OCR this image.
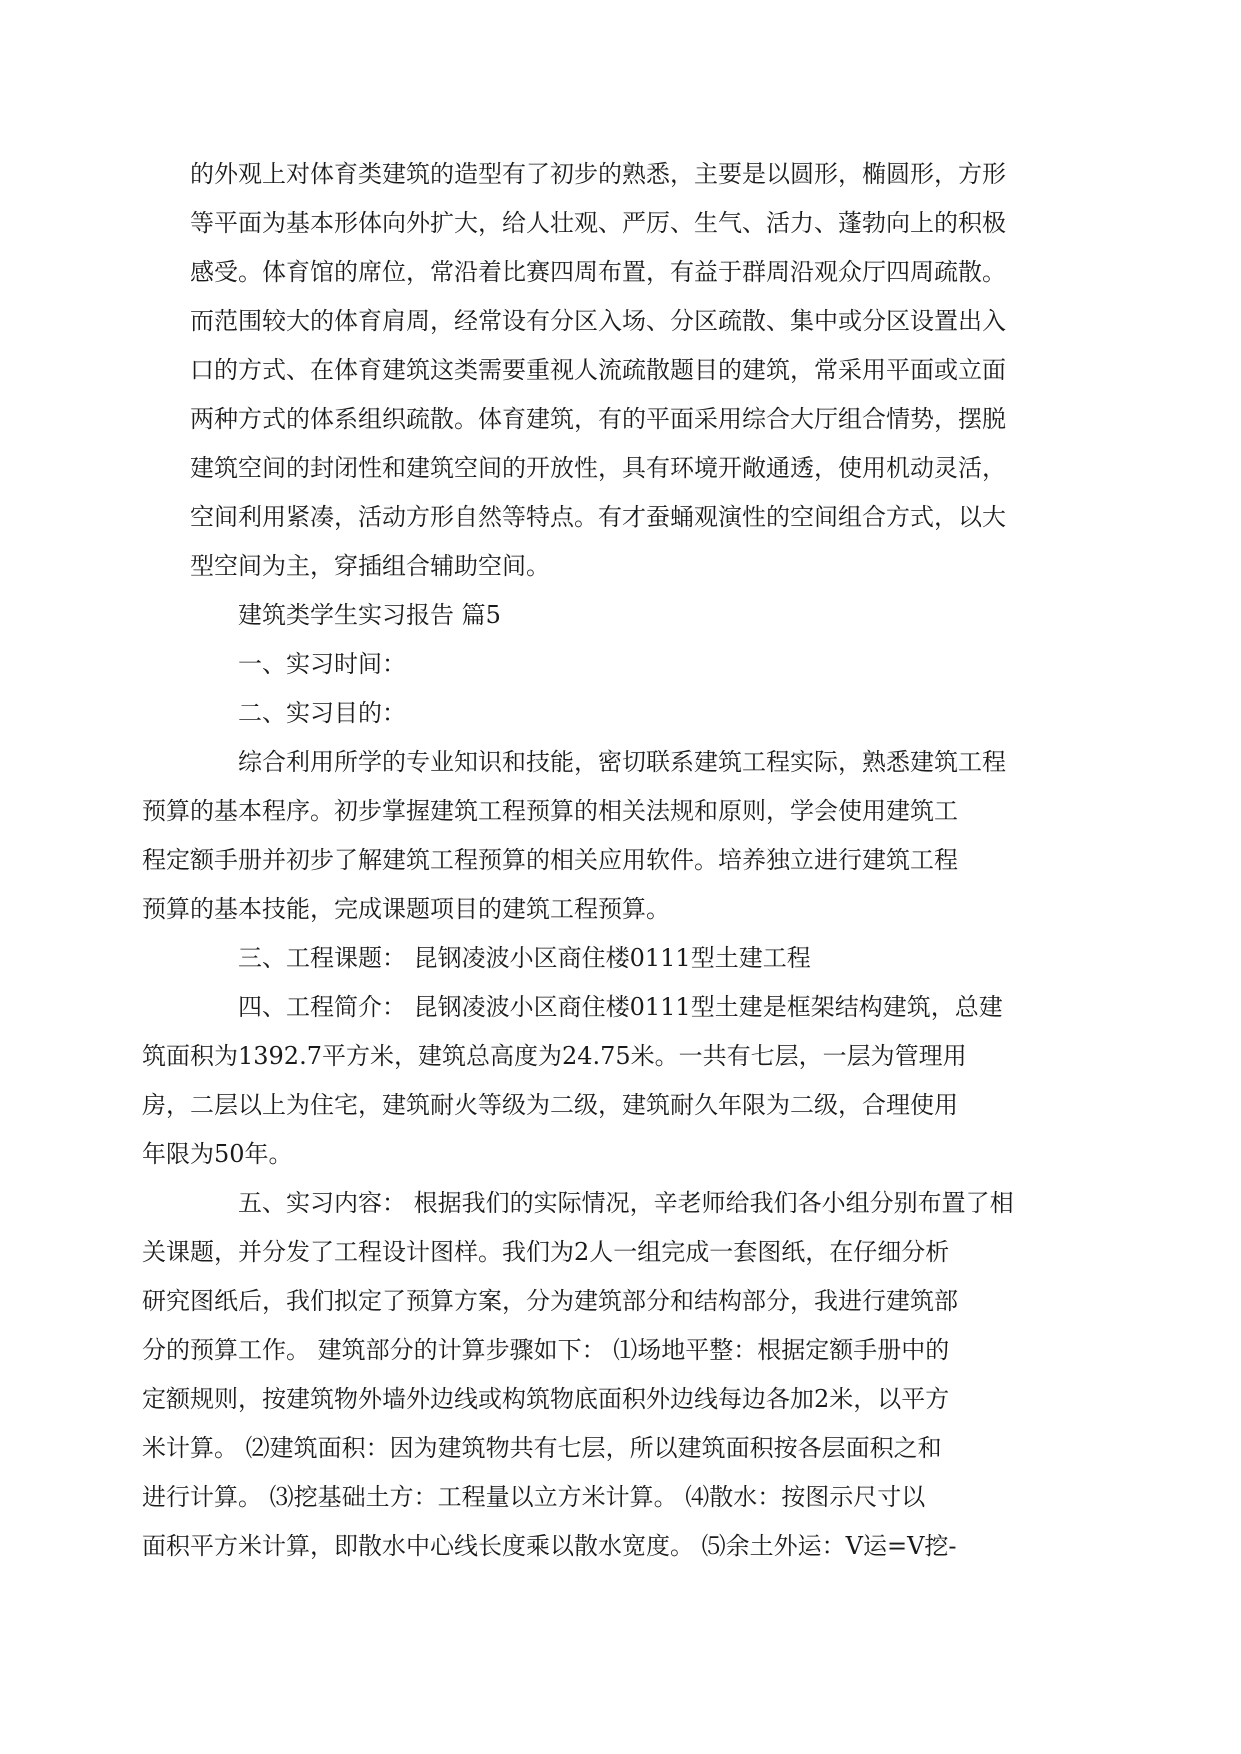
的外观上对体育类建筑的造型有了初步的熟悉，主要是以圆形，椭圆形，方形
等平面为基本形体向外扩大，给人壮观、严厉、生气、活力、蓬勃向上的积极
感受。体育馆的席位，常沿着比赛四周布置，有益于群周沿观众厅四周疏散。
而范围较大的体育肩周，经常设有分区入场、分区疏散、集中或分区设置出入
口的方式、在体育建筑这类需要重视人流疏散题目的建筑，常采用平面或立面
两种方式的体系组织疏散。体育建筑，有的平面采用综合大厅组合情势，摆脱
建筑空间的封闭性和建筑空间的开放性，具有环境开敞通透，使用机动灵活，
空间利用紧凑，活动方形自然等特点。有才蚕蛹观演性的空间组合方式，以大
型空间为主，穿插组合辅助空间。
建筑类学生实习报告 篇5
一、实习时间：
二、实习目的：
综合利用所学的专业知识和技能，密切联系建筑工程实际，熟悉建筑工程
预算的基本程序。初步掌握建筑工程预算的相关法规和原则，学会使用建筑工
程定额手册并初步了解建筑工程预算的相关应用软件。培养独立进行建筑工程
预算的基本技能，完成课题项目的建筑工程预算。
三、工程课题： 昆钢凌波小区商住楼0111型土建工程
四、工程简介： 昆钢凌波小区商住楼0111型土建是框架结构建筑，总建
筑面积为1392.7平方米，建筑总高度为24.75米。一共有七层，一层为管理用
房，二层以上为住宅，建筑耐火等级为二级，建筑耐久年限为二级，合理使用
年限为50年。
五、实习内容： 根据我们的实际情况，辛老师给我们各小组分别布置了相
关课题，并分发了工程设计图样。我们为2人一组完成一套图纸，在仔细分析
研究图纸后，我们拟定了预算方案，分为建筑部分和结构部分，我进行建筑部
分的预算工作。 建筑部分的计算步骤如下： ⑴场地平整：根据定额手册中的
定额规则，按建筑物外墙外边线或构筑物底面积外边线每边各加2米，以平方
米计算。 ⑵建筑面积：因为建筑物共有七层，所以建筑面积按各层面积之和
进行计算。 ⑶挖基础土方：工程量以立方米计算。 ⑷散水：按图示尺寸以
面积平方米计算，即散水中心线长度乘以散水宽度。 ⑸余土外运：V运=V挖-
